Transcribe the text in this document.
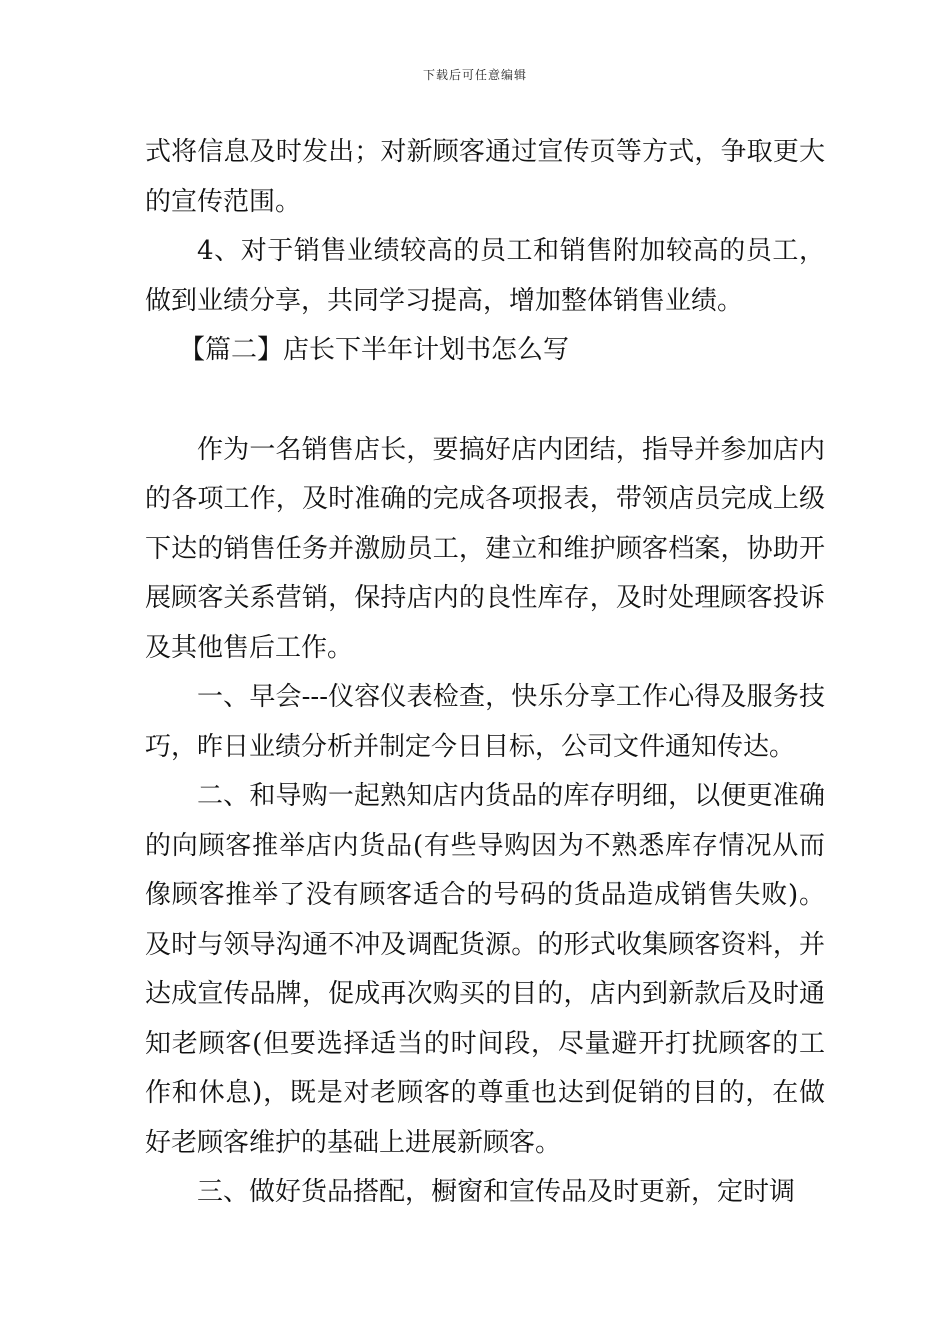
下载后可任意编辑

式将信息及时发出；对新顾客通过宣传页等方式，争取更大的宣传范围。

4、对于销售业绩较高的员工和销售附加较高的员工，做到业绩分享，共同学习提高，增加整体销售业绩。

【篇二】店长下半年计划书怎么写

作为一名销售店长，要搞好店内团结，指导并参加店内的各项工作，及时准确的完成各项报表，带领店员完成上级下达的销售任务并激励员工，建立和维护顾客档案，协助开展顾客关系营销，保持店内的良性库存，及时处理顾客投诉及其他售后工作。

一、早会---仪容仪表检查，快乐分享工作心得及服务技巧，昨日业绩分析并制定今日目标，公司文件通知传达。

二、和导购一起熟知店内货品的库存明细，以便更准确的向顾客推举店内货品(有些导购因为不熟悉库存情况从而像顾客推举了没有顾客适合的号码的货品造成销售失败)。及时与领导沟通不冲及调配货源。的形式收集顾客资料，并达成宣传品牌，促成再次购买的目的，店内到新款后及时通知老顾客(但要选择适当的时间段，尽量避开打扰顾客的工作和休息)，既是对老顾客的尊重也达到促销的目的，在做好老顾客维护的基础上进展新顾客。

三、做好货品搭配，橱窗和宣传品及时更新，定时调
